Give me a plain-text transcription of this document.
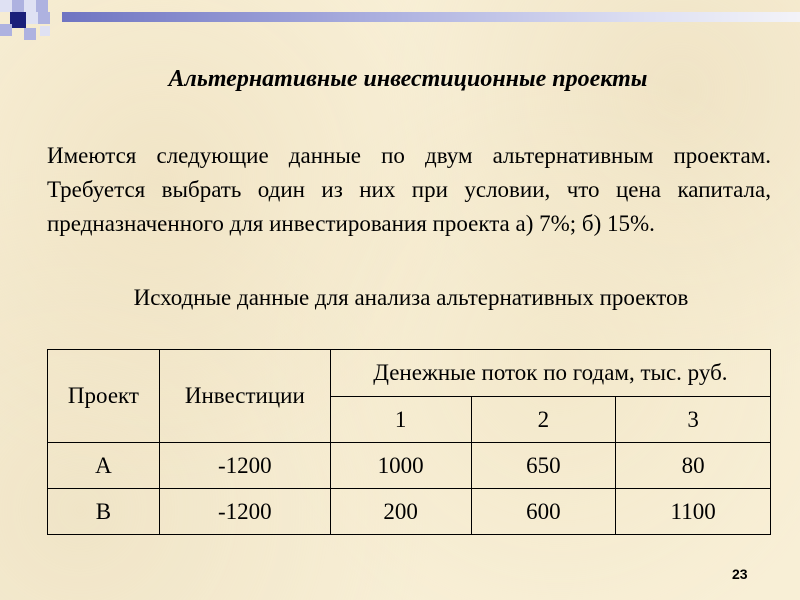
Альтернативные инвестиционные проекты
Имеются следующие данные по двум альтернативным проектам. Требуется выбрать один из них при условии, что цена капитала, предназначенного для инвестирования проекта а) 7%; б) 15%.
Исходные данные для анализа альтернативных проектов
Проект	Инвестиции	Денежные поток по годам, тыс. руб.		
		1	2	3
A	-1200	1000	650	80
B	-1200	200	600	1100
23
